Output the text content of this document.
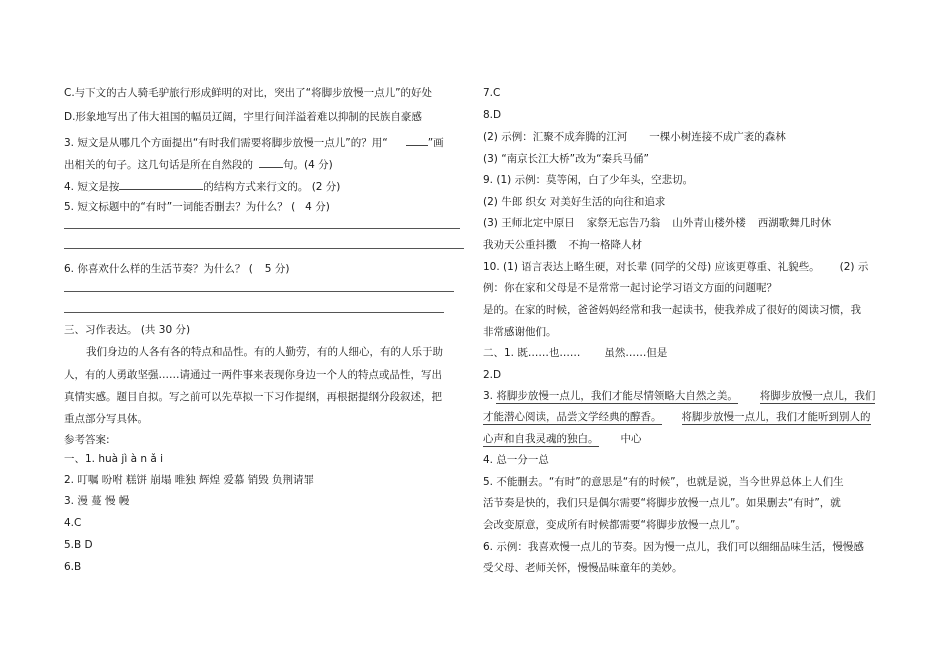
C.与下文的古人骑毛驴旅行形成鲜明的对比，突出了“将脚步放慢一点儿”的好处
D.形象地写出了伟大祖国的幅员辽阔，宇里行间洋溢着难以抑制的民族自豪感
3. 短文是从哪几个方面提出“有时我们需要将脚步放慢一点儿”的？用“	”画
出相关的句子。这几句话是所在自然段的	句。(4 分)
4. 短文是按	的结构方式来行文的。 (2 分)
5. 短文标题中的“有时”一词能否删去？为什么？ ( 4 分)
6. 你喜欢什么样的生活节奏？为什么？ ( 5 分)
三、习作表达。 (共 30 分)
我们身边的人各有各的特点和品性。有的人勤劳，有的人细心，有的人乐于助
人，有的人勇敢坚强……请通过一两件事来表现你身边一个人的特点或品性，写出
真情实感。题目自拟。写之前可以先草拟一下习作提纲，再根据提纲分段叙述，把
重点部分写具体。
参考答案:
一、1. huà jì à n ǎ i
2. 叮嘱 吩咐 糕饼 崩塌 唯独 辉煌 爱慕 销毁 负荆请罪
3. 漫 蔓 慢 幔
4.C
5.B D
6.B
7.C
8.D
(2) 示例：汇聚不成奔腾的江河 一棵小树连接不成广袤的森林
(3) “南京长江大桥”改为“秦兵马俑”
9. (1) 示例：莫等闲，白了少年头，空悲切。
(2) 牛郎 织女 对美好生活的向往和追求
(3) 王师北定中原日 家祭无忘告乃翁 山外青山楼外楼 西湖歌舞几时休
我劝天公重抖擞 不拘一格降人材
10. (1) 语言表达上略生硬，对长辈 (同学的父母) 应该更尊重、礼貌些。 (2) 示
例：你在家和父母是不是常常一起讨论学习语文方面的问题呢？
是的。在家的时候，爸爸妈妈经常和我一起读书，使我养成了很好的阅读习惯，我
非常感谢他们。
二、1. 既……也…… 虽然……但是
2.D
3. 将脚步放慢一点儿，我们才能尽情领略大自然之美。 将脚步放慢一点儿，我们
才能潜心阅读，品尝文学经典的醇香。 将脚步放慢一点儿，我们才能听到别人的
心声和自我灵魂的独白。 中心
4. 总一分一总
5. 不能删去。“有时”的意思是“有的时候”，也就是说，当今世界总体上人们生
活节奏是快的，我们只是偶尔需要“将脚步放慢一点儿”。如果删去“有时”，就
会改变原意，变成所有时候都需要“将脚步放慢一点儿”。
6. 示例：我喜欢慢一点儿的节奏。因为慢一点儿，我们可以细细品味生活，慢慢感
受父母、老师关怀，慢慢品味童年的美妙。
